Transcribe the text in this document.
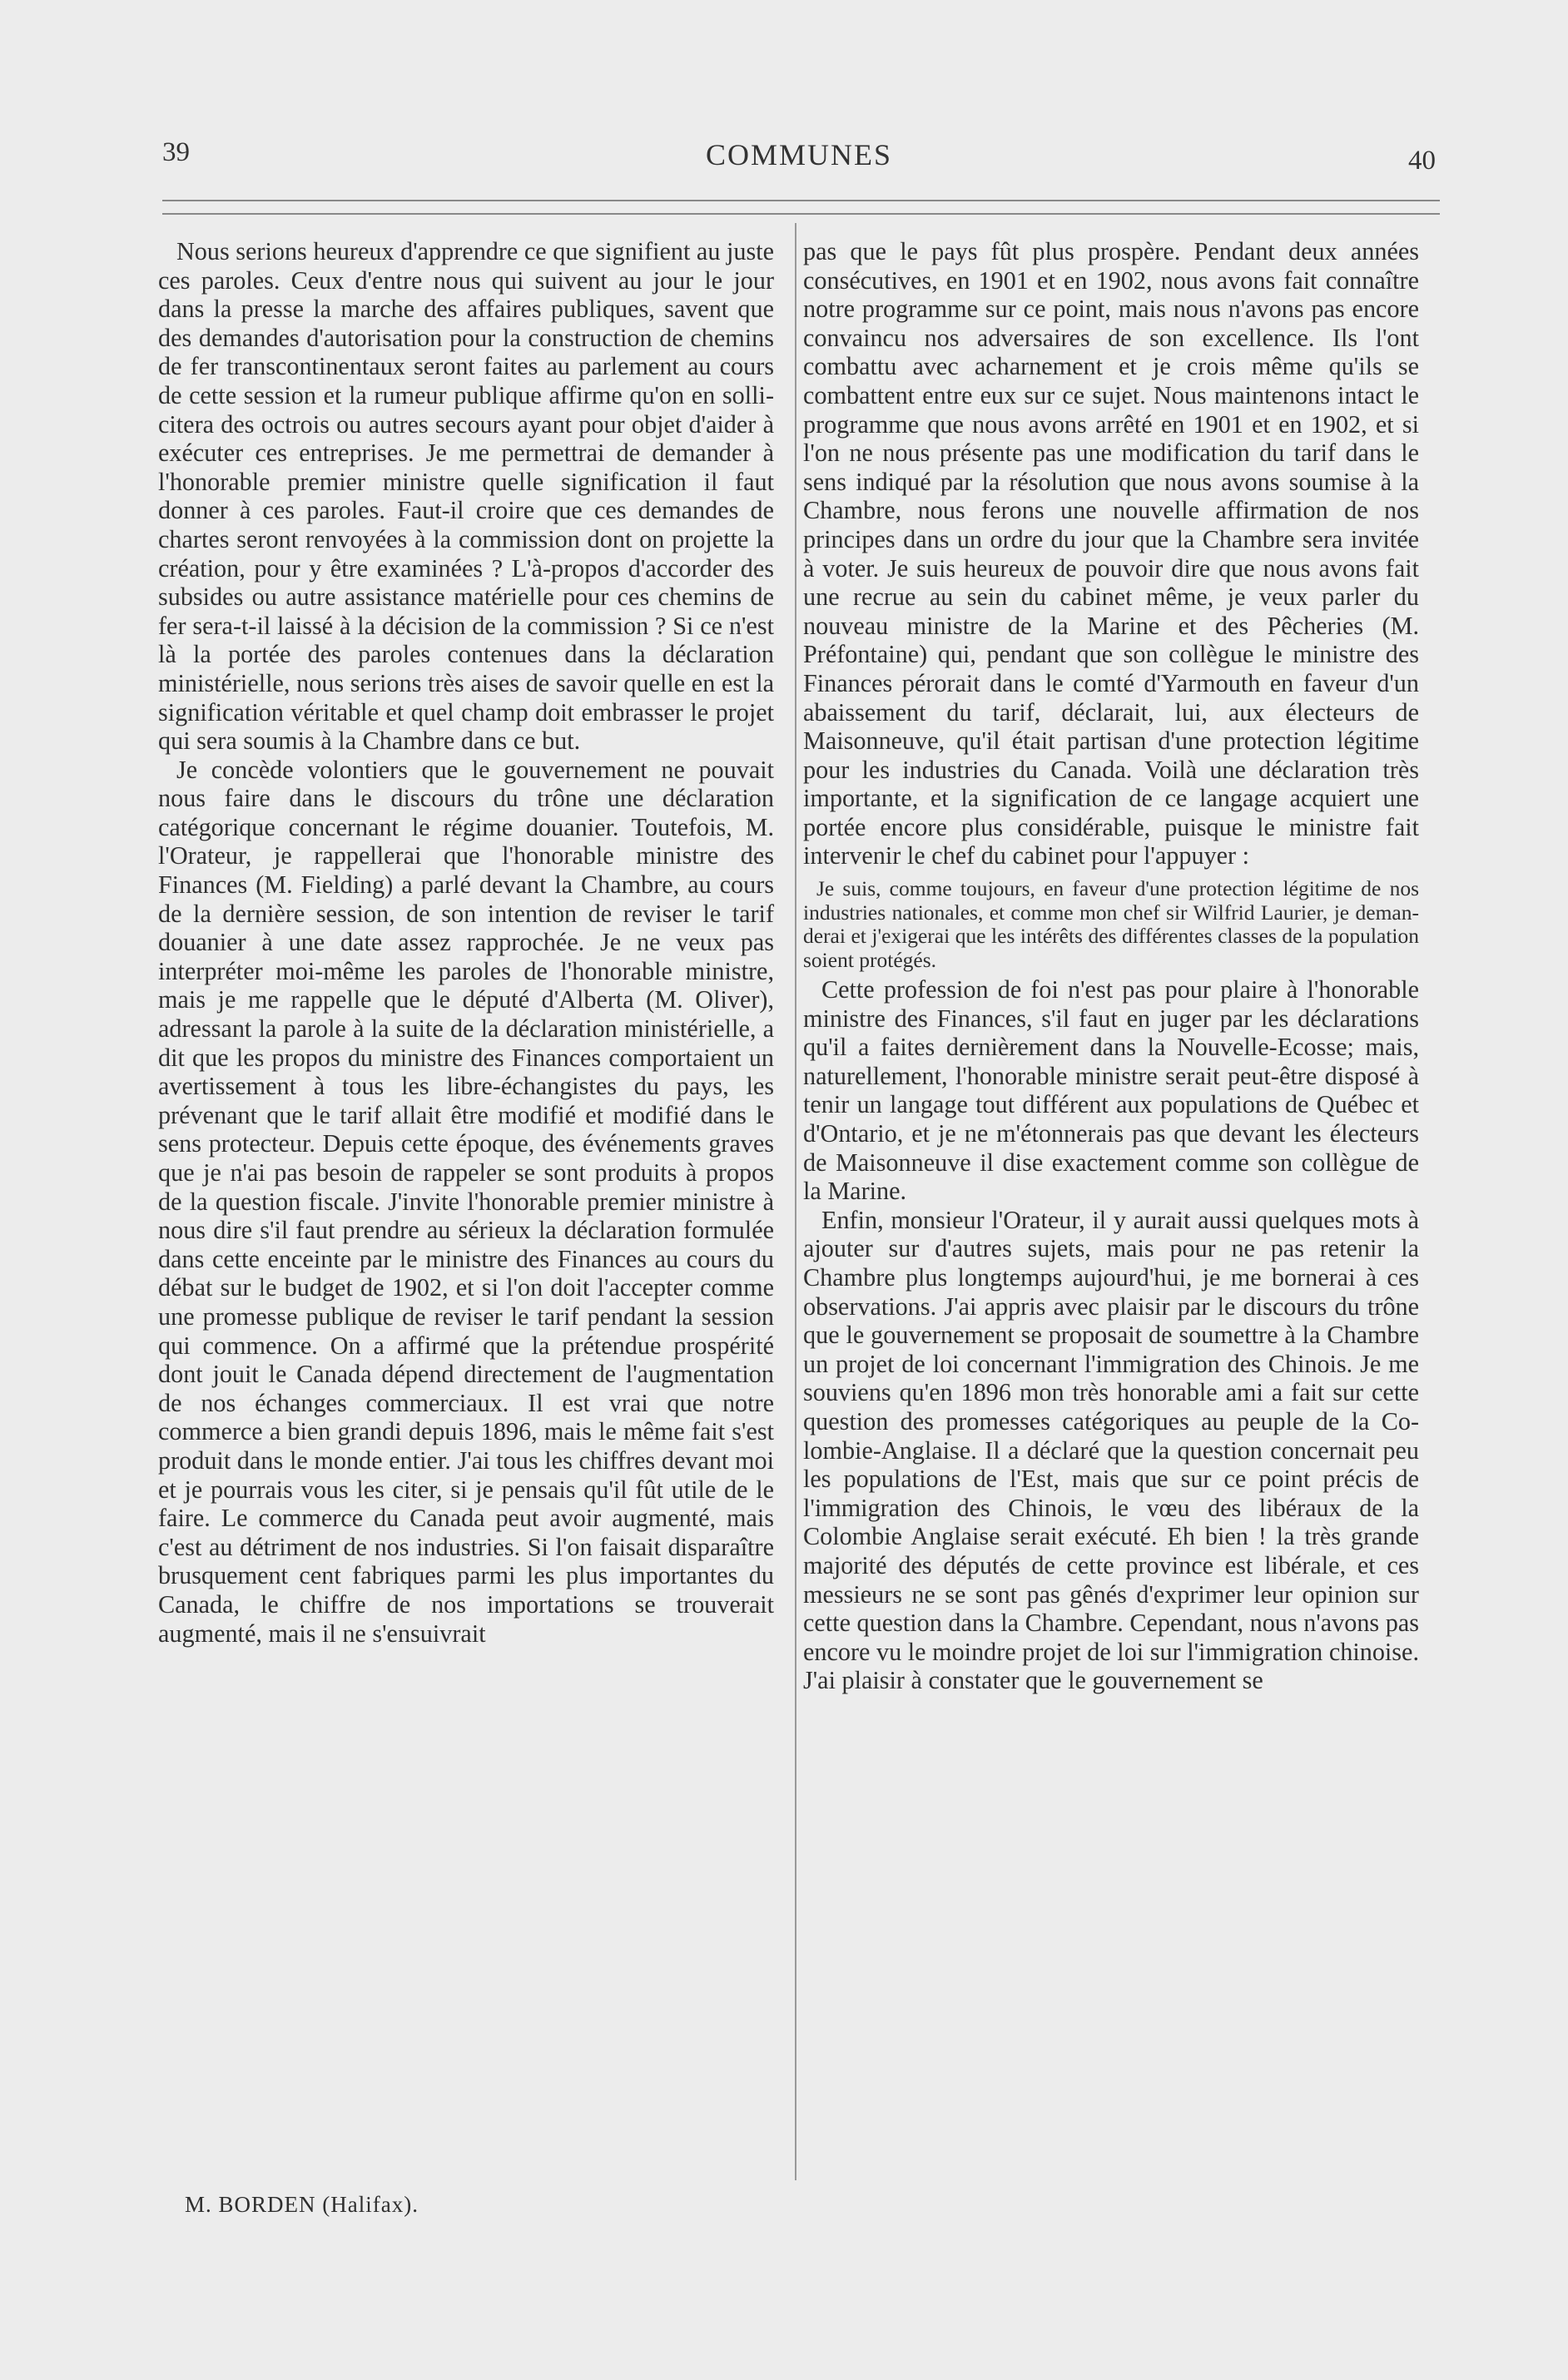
39	COMMUNES	40

Nous serions heureux d'apprendre ce que signifient au juste ces paroles. Ceux d'entre nous qui suivent au jour le jour dans la presse la marche des affaires publiques, savent que des demandes d'autorisation pour la construction de chemins de fer transcontinentaux seront faites au parlement au cours de cette session et la rumeur publique affirme qu'on en sollicitera des octrois ou autres secours ayant pour objet d'aider à exécuter ces entreprises. Je me permettrai de demander à l'honorable premier ministre quelle signification il faut donner à ces paroles. Faut-il croire que ces demandes de chartes seront renvoyées à la commission dont on projette la création, pour y être examinées ? L'à-propos d'accorder des subsides ou autre assistance matérielle pour ces chemins de fer sera-t-il laissé à la décision de la commission ? Si ce n'est là la portée des paroles contenues dans la déclaration ministérielle, nous serions très aises de savoir quelle en est la signification véritable et quel champ doit embrasser le projet qui sera soumis à la Chambre dans ce but.

Je concède volontiers que le gouvernement ne pouvait nous faire dans le discours du trône une déclaration catégorique concernant le régime douanier. Toutefois, M. l'Orateur, je rappellerai que l'honorable ministre des Finances (M. Fielding) a parlé devant la Chambre, au cours de la dernière session, de son intention de reviser le tarif douanier à une date assez rapprochée. Je ne veux pas interpréter moi-même les paroles de l'honorable ministre, mais je me rappelle que le député d'Alberta (M. Oliver), adressant la parole à la suite de la déclaration ministérielle, a dit que les propos du ministre des Finances comportaient un avertissement à tous les libre-échangistes du pays, les prévenant que le tarif allait être modifié et modifié dans le sens protecteur. Depuis cette époque, des événements graves que je n'ai pas besoin de rappeler se sont produits à propos de la question fiscale. J'invite l'honorable premier ministre à nous dire s'il faut prendre au sérieux la déclaration formulée dans cette enceinte par le ministre des Finances au cours du débat sur le budget de 1902, et si l'on doit l'accepter comme une promesse publique de reviser le tarif pendant la session qui commence. On a affirmé que la prétendue prospérité dont jouit le Canada dépend directement de l'augmentation de nos échanges commerciaux. Il est vrai que notre commerce a bien grandi depuis 1896, mais le même fait s'est produit dans le monde entier. J'ai tous les chiffres devant moi et je pourrais vous les citer, si je pensais qu'il fût utile de le faire. Le commerce du Canada peut avoir augmenté, mais c'est au détriment de nos industries. Si l'on faisait disparaître brusquement cent fabriques parmi les plus importantes du Canada, le chiffre de nos importations se trouverait augmenté, mais il ne s'ensuivrait

pas que le pays fût plus prospère. Pendant deux années consécutives, en 1901 et en 1902, nous avons fait connaître notre programme sur ce point, mais nous n'avons pas encore convaincu nos adversaires de son excellence. Ils l'ont combattu avec acharnement et je crois même qu'ils se combattent entre eux sur ce sujet. Nous maintenons intact le programme que nous avons arrêté en 1901 et en 1902, et si l'on ne nous présente pas une modification du tarif dans le sens indiqué par la résolution que nous avons soumise à la Chambre, nous ferons une nouvelle affirmation de nos principes dans un ordre du jour que la Chambre sera invitée à voter. Je suis heureux de pouvoir dire que nous avons fait une recrue au sein du cabinet même, je veux parler du nouveau ministre de la Marine et des Pêcheries (M. Préfontaine) qui, pendant que son collègue le ministre des Finances pérorait dans le comté d'Yarmouth en faveur d'un abaissement du tarif, déclarait, lui, aux électeurs de Maisonneuve, qu'il était partisan d'une protection légitime pour les industries du Canada. Voilà une déclaration très importante, et la signification de ce langage acquiert une portée encore plus considérable, puisque le ministre fait intervenir le chef du cabinet pour l'appuyer :

Je suis, comme toujours, en faveur d'une protection légitime de nos industries nationales, et comme mon chef sir Wilfrid Laurier, je demanderai et j'exigerai que les intérêts des différentes classes de la population soient protégés.

Cette profession de foi n'est pas pour plaire à l'honorable ministre des Finances, s'il faut en juger par les déclarations qu'il a faites dernièrement dans la Nouvelle-Ecosse; mais, naturellement, l'honorable ministre serait peut-être disposé à tenir un langage tout différent aux populations de Québec et d'Ontario, et je ne m'étonnerais pas que devant les électeurs de Maisonneuve il dise exactement comme son collègue de la Marine.

Enfin, monsieur l'Orateur, il y aurait aussi quelques mots à ajouter sur d'autres sujets, mais pour ne pas retenir la Chambre plus longtemps aujourd'hui, je me bornerai à ces observations. J'ai appris avec plaisir par le discours du trône que le gouvernement se proposait de soumettre à la Chambre un projet de loi concernant l'immigration des Chinois. Je me souviens qu'en 1896 mon très honorable ami a fait sur cette question des promesses catégoriques au peuple de la Colombie-Anglaise. Il a déclaré que la question concernait peu les populations de l'Est, mais que sur ce point précis de l'immigration des Chinois, le vœu des libéraux de la Colombie Anglaise serait exécuté. Eh bien ! la très grande majorité des députés de cette province est libérale, et ces messieurs ne se sont pas gênés d'exprimer leur opinion sur cette question dans la Chambre. Cependant, nous n'avons pas encore vu le moindre projet de loi sur l'immigration chinoise. J'ai plaisir à constater que le gouvernement se

M. BORDEN (Halifax).
